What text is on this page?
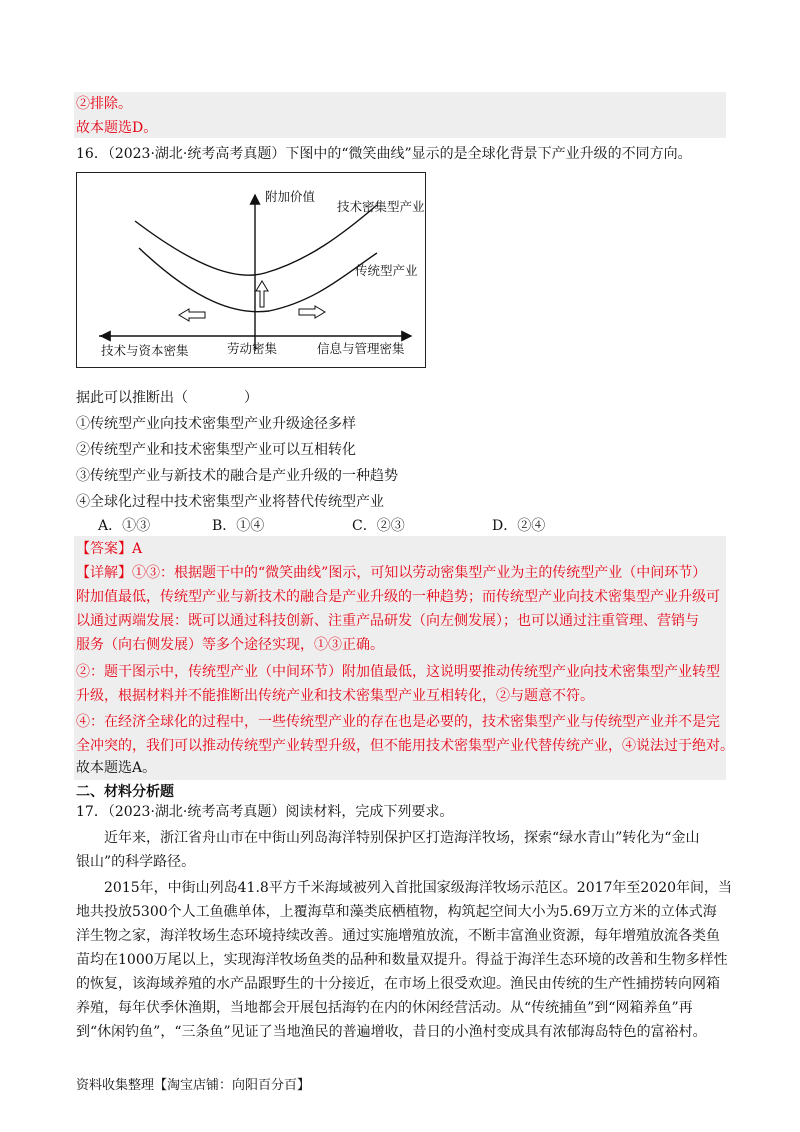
②排除。
故本题选D。
16．（2023·湖北·统考高考真题）下图中的“微笑曲线”显示的是全球化背景下产业升级的不同方向。
附加价值
技术密集型产业
传统型产业
技术与资本密集	劳动密集	信息与管理密集
据此可以推断出（　　　　）
①传统型产业向技术密集型产业升级途径多样
②传统型产业和技术密集型产业可以互相转化
③传统型产业与新技术的融合是产业升级的一种趋势
④全球化过程中技术密集型产业将替代传统型产业
A．①③	B．①④	C．②③	D．②④
【答案】A
【详解】①③：根据题干中的“微笑曲线”图示，可知以劳动密集型产业为主的传统型产业（中间环节）
附加值最低，传统型产业与新技术的融合是产业升级的一种趋势；而传统型产业向技术密集型产业升级可
以通过两端发展：既可以通过科技创新、注重产品研发（向左侧发展）；也可以通过注重管理、营销与
服务（向右侧发展）等多个途径实现，①③正确。
②：题干图示中，传统型产业（中间环节）附加值最低，这说明要推动传统型产业向技术密集型产业转型
升级，根据材料并不能推断出传统产业和技术密集型产业互相转化，②与题意不符。
④：在经济全球化的过程中，一些传统型产业的存在也是必要的，技术密集型产业与传统型产业并不是完
全冲突的，我们可以推动传统型产业转型升级，但不能用技术密集型产业代替传统产业，④说法过于绝对。
故本题选A。
二、材料分析题
17．（2023·湖北·统考高考真题）阅读材料，完成下列要求。
近年来，浙江省舟山市在中街山列岛海洋特别保护区打造海洋牧场，探索“绿水青山”转化为“金山
银山”的科学路径。
2015年，中街山列岛41.8平方千米海域被列入首批国家级海洋牧场示范区。2017年至2020年间，当
地共投放5300个人工鱼礁单体，上覆海草和藻类底栖植物，构筑起空间大小为5.69万立方米的立体式海
洋生物之家，海洋牧场生态环境持续改善。通过实施增殖放流，不断丰富渔业资源，每年增殖放流各类鱼
苗均在1000万尾以上，实现海洋牧场鱼类的品种和数量双提升。得益于海洋生态环境的改善和生物多样性
的恢复，该海域养殖的水产品跟野生的十分接近，在市场上很受欢迎。渔民由传统的生产性捕捞转向网箱
养殖，每年伏季休渔期，当地都会开展包括海钓在内的休闲经营活动。从“传统捕鱼”到“网箱养鱼”再
到“休闲钓鱼”，“三条鱼”见证了当地渔民的普遍增收，昔日的小渔村变成具有浓郁海岛特色的富裕村。
资料收集整理【淘宝店铺：向阳百分百】
